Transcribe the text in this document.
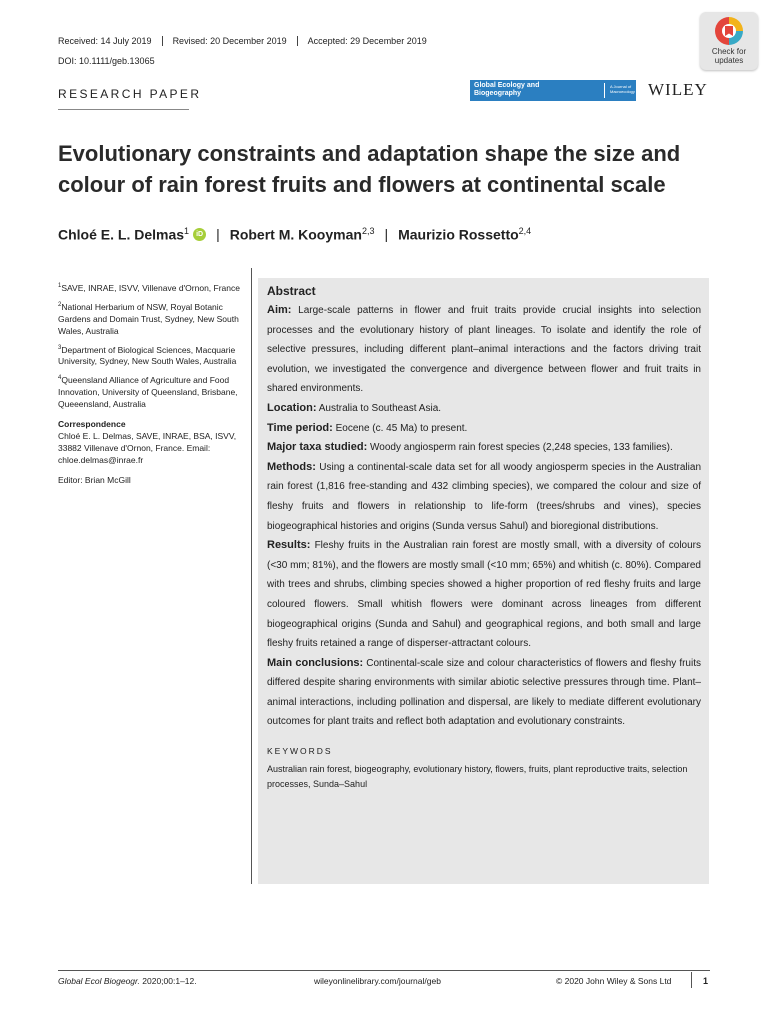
Received: 14 July 2019	Revised: 20 December 2019	Accepted: 29 December 2019
DOI: 10.1111/geb.13065
Check for updates
RESEARCH PAPER
Global Ecology and Biogeography
A Journal of Macroecology WILEY
Evolutionary constraints and adaptation shape the size and colour of rain forest fruits and flowers at continental scale
Chloé E. L. Delmas$^1$	iD | Robert M. Kooyman$^{2,3}$ | Maurizio Rossetto$^{2,4}$

$^1$SAVE, INRAE, ISVV, Villenave d'Ornon, France

$^2$National Herbarium of NSW, Royal Botanic Gardens and Domain Trust, Sydney, New South Wales, Australia

$^3$Department of Biological Sciences, Macquarie University, Sydney, New South Wales, Australia

$^4$Queensland Alliance of Agriculture and Food Innovation, University of Queensland, Brisbane, Queeensland, Australia

Correspondence

Chloé E. L. Delmas, SAVE, INRAE, BSA, ISVV, 33882 Villenave d'Ornon, France. Email: chloe.delmas@inrae.fr

Editor: Brian McGill

Abstract

Aim: Large-scale patterns in flower and fruit traits provide crucial insights into selection processes and the evolutionary history of plant lineages. To isolate and identify the role of selective pressures, including different plant–animal interactions and the factors driving trait evolution, we investigated the convergence and divergence between flower and fruit traits in shared environments.

Location: Australia to Southeast Asia.

Time period: Eocene (c. 45 Ma) to present.

Major taxa studied: Woody angiosperm rain forest species (2,248 species, 133 families).

Methods: Using a continental-scale data set for all woody angiosperm species in the Australian rain forest (1,816 free-standing and 432 climbing species), we compared the colour and size of fleshy fruits and flowers in relationship to life-form (trees/shrubs and vines), species biogeographical histories and origins (Sunda versus Sahul) and bioregional distributions.

Results: Fleshy fruits in the Australian rain forest are mostly small, with a diversity of colours (<30 mm; 81%), and the flowers are mostly small (<10 mm; 65%) and whitish (c. 80%). Compared with trees and shrubs, climbing species showed a higher proportion of red fleshy fruits and large coloured flowers. Small whitish flowers were dominant across lineages from different biogeographical origins (Sunda and Sahul) and geographical regions, and both small and large fleshy fruits retained a range of disperser-attractant colours.

Main conclusions: Continental-scale size and colour characteristics of flowers and fleshy fruits differed despite sharing environments with similar abiotic selective pressures through time. Plant–animal interactions, including pollination and dispersal, are likely to mediate different evolutionary outcomes for plant traits and reflect both adaptation and evolutionary constraints.

KEYWORDS
Australian rain forest, biogeography, evolutionary history, flowers, fruits, plant reproductive traits, selection processes, Sunda–Sahul
Global Ecol Biogeogr. 2020;00:1–12.	wileyonlinelibrary.com/journal/geb	© 2020 John Wiley & Sons Ltd	1
